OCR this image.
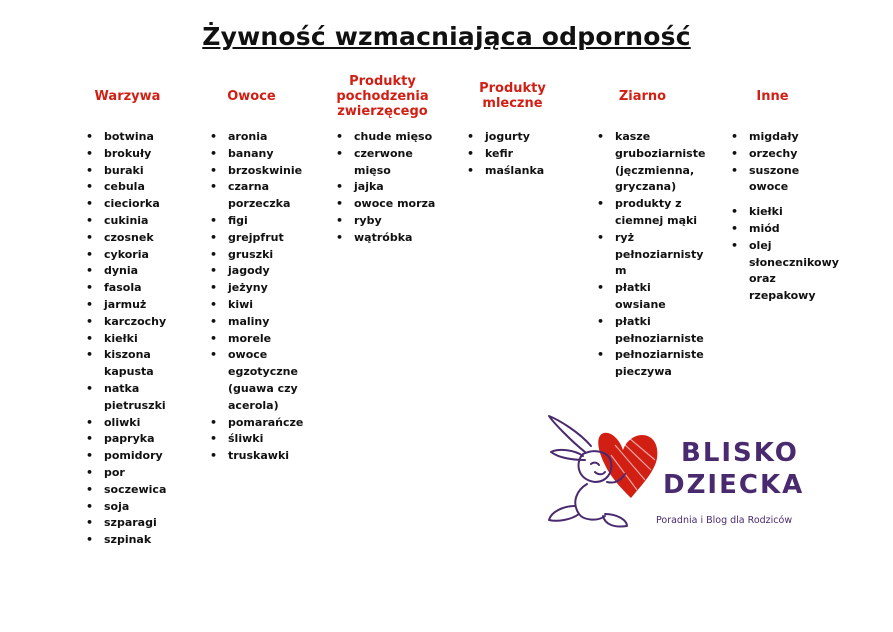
Żywność wzmacniająca odporność
Warzywa
• botwina
• brokuły
• buraki
• cebula
• cieciorka
• cukinia
• czosnek
• cykoria
• dynia
• fasola
• jarmuż
• karczochy
• kiełki
• kiszona kapusta
• natka pietruszki
• oliwki
• papryka
• pomidory
• por
• soczewica
• soja
• szparagi
• szpinak
Owoce
• aronia
• banany
• brzoskwinie
• czarna porzeczka
• figi
• grejpfrut
• gruszki
• jagody
• jeżyny
• kiwi
• maliny
• morele
• owoce egzotyczne (guawa czy acerola)
• pomarańcze
• śliwki
• truskawki
Produkty pochodzenia zwierzęcego
• chude mięso
• czerwone mięso
• jajka
• owoce morza
• ryby
• wątróbka
Produkty mleczne
• jogurty
• kefir
• maślanka
Ziarno
• kasze gruboziarniste (jęczmienna, gryczana)
• produkty z ciemnej mąki
• ryż pełnoziarnisty m
• płatki owsiane
• płatki pełnoziarniste
• pełnoziarniste pieczywa
Inne
• migdały
• orzechy
• suszone owoce
• kiełki
• miód
• olej słonecznikowy oraz rzepakowy
BLISKO
DZIECKA
Poradnia i Blog dla Rodziców
